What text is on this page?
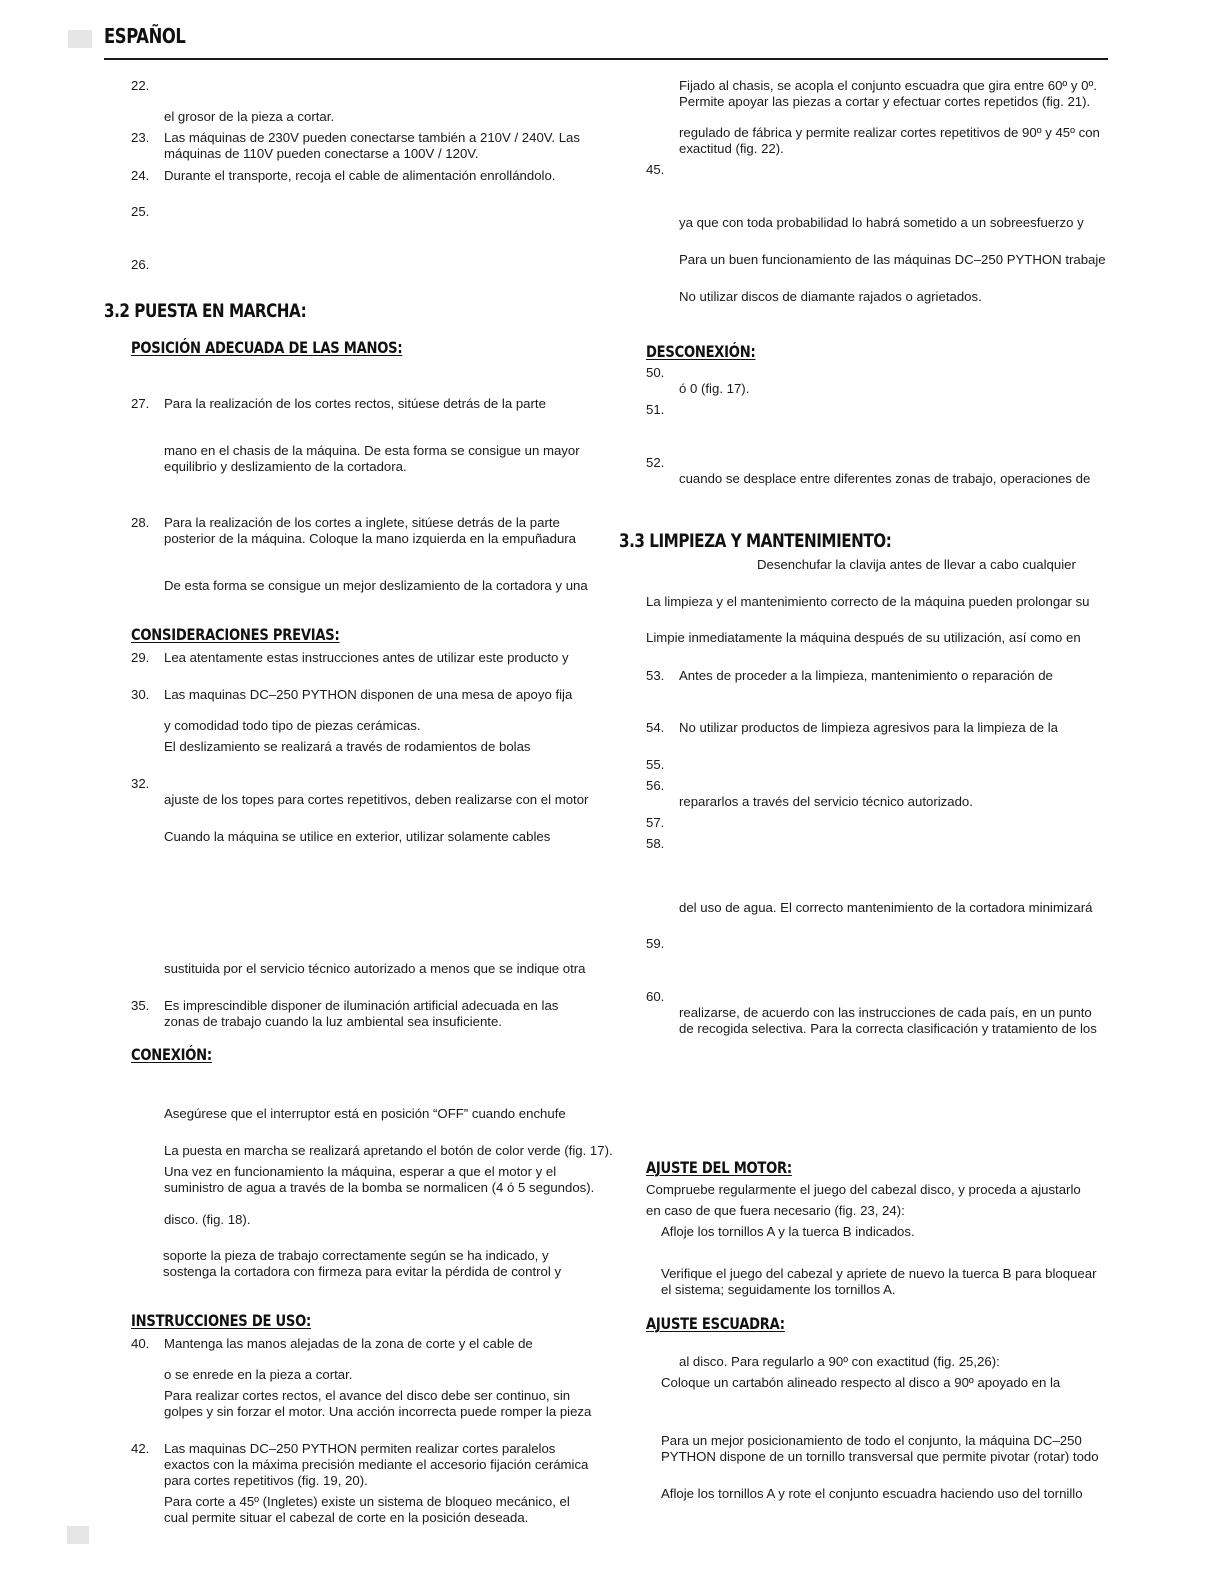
ESPAÑOL
22.
el grosor de la pieza a cortar.
23. Las máquinas de 230V pueden conectarse también a 210V / 240V. Las
máquinas de 110V pueden conectarse a 100V / 120V.
24. Durante el transporte, recoja el cable de alimentación enrollándolo.
25.
26.
3.2 PUESTA EN MARCHA:
POSICIÓN ADECUADA DE LAS MANOS:
27. Para la realización de los cortes rectos, sitúese detrás de la parte
mano en el chasis de la máquina. De esta forma se consigue un mayor
equilibrio y deslizamiento de la cortadora.
28. Para la realización de los cortes a inglete, sitúese detrás de la parte
posterior de la máquina. Coloque la mano izquierda en la empuñadura
De esta forma se consigue un mejor deslizamiento de la cortadora y una
CONSIDERACIONES PREVIAS:
29. Lea atentamente estas instrucciones antes de utilizar este producto y
30. Las maquinas DC–250 PYTHON disponen de una mesa de apoyo fija
y comodidad todo tipo de piezas cerámicas.
El deslizamiento se realizará a través de rodamientos de bolas
32.
ajuste de los topes para cortes repetitivos, deben realizarse con el motor
Cuando la máquina se utilice en exterior, utilizar solamente cables
sustituida por el servicio técnico autorizado a menos que se indique otra
35. Es imprescindible disponer de iluminación artificial adecuada en las
zonas de trabajo cuando la luz ambiental sea insuficiente.
CONEXIÓN:
Asegúrese que el interruptor está en posición “OFF” cuando enchufe
La puesta en marcha se realizará apretando el botón de color verde (fig. 17).
Una vez en funcionamiento la máquina, esperar a que el motor y el
suministro de agua a través de la bomba se normalicen (4 ó 5 segundos).
disco. (fig. 18).
soporte la pieza de trabajo correctamente según se ha indicado, y
sostenga la cortadora con firmeza para evitar la pérdida de control y
INSTRUCCIONES DE USO:
40. Mantenga las manos alejadas de la zona de corte y el cable de
o se enrede en la pieza a cortar.
Para realizar cortes rectos, el avance del disco debe ser continuo, sin
golpes y sin forzar el motor. Una acción incorrecta puede romper la pieza
42. Las maquinas DC–250 PYTHON permiten realizar cortes paralelos
exactos con la máxima precisión mediante el accesorio fijación cerámica
para cortes repetitivos (fig. 19, 20).
Para corte a 45º (Ingletes) existe un sistema de bloqueo mecánico, el
cual permite situar el cabezal de corte en la posición deseada.
Fijado al chasis, se acopla el conjunto escuadra que gira entre 60º y 0º.
Permite apoyar las piezas a cortar y efectuar cortes repetidos (fig. 21).
regulado de fábrica y permite realizar cortes repetitivos de 90º y 45º con
exactitud (fig. 22).
45.
ya que con toda probabilidad lo habrá sometido a un sobreesfuerzo y
Para un buen funcionamiento de las máquinas DC–250 PYTHON trabaje
No utilizar discos de diamante rajados o agrietados.
DESCONEXIÓN:
50.
ó 0 (fig. 17).
51.
52.
cuando se desplace entre diferentes zonas de trabajo, operaciones de
3.3 LIMPIEZA Y MANTENIMIENTO:
Desenchufar la clavija antes de llevar a cabo cualquier
La limpieza y el mantenimiento correcto de la máquina pueden prolongar su
Limpie inmediatamente la máquina después de su utilización, así como en
53. Antes de proceder a la limpieza, mantenimiento o reparación de
54. No utilizar productos de limpieza agresivos para la limpieza de la
55.
56.
repararlos a través del servicio técnico autorizado.
57.
58.
del uso de agua. El correcto mantenimiento de la cortadora minimizará
59.
60.
realizarse, de acuerdo con las instrucciones de cada país, en un punto
de recogida selectiva. Para la correcta clasificación y tratamiento de los
AJUSTE DEL MOTOR:
Compruebe regularmente el juego del cabezal disco, y proceda a ajustarlo
en caso de que fuera necesario (fig. 23, 24):
Afloje los tornillos A y la tuerca B indicados.
Verifique el juego del cabezal y apriete de nuevo la tuerca B para bloquear
el sistema; seguidamente los tornillos A.
AJUSTE ESCUADRA:
al disco. Para regularlo a 90º con exactitud (fig. 25,26):
Coloque un cartabón alineado respecto al disco a 90º apoyado en la
Para un mejor posicionamiento de todo el conjunto, la máquina DC–250
PYTHON dispone de un tornillo transversal que permite pivotar (rotar) todo
Afloje los tornillos A y rote el conjunto escuadra haciendo uso del tornillo
